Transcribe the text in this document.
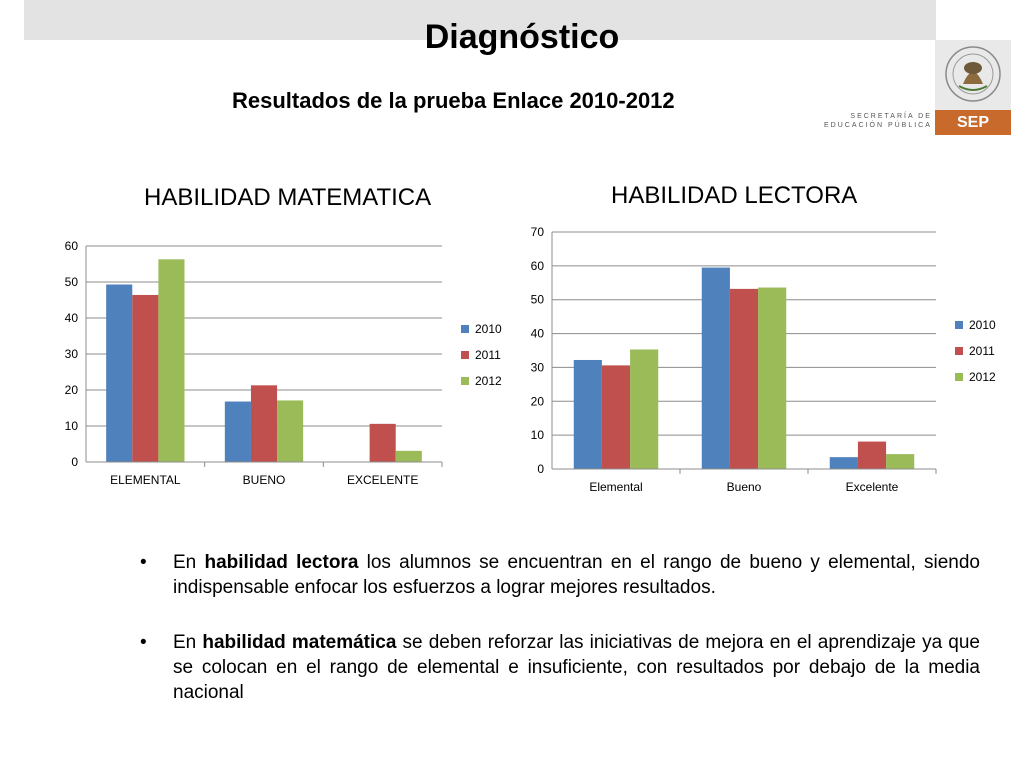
Diagnóstico
Resultados de la prueba Enlace 2010-2012
SEP
SECRETARÍA DE
EDUCACIÓN PÚBLICA
HABILIDAD MATEMATICA	HABILIDAD LECTORA
0
10
20
30
40
50
60
ELEMENTAL	BUENO	EXCELENTE
2010
2011
2012
0
10
20
30
40
50
60
70
Elemental	Bueno	Excelente
2010
2011
2012
• En habilidad lectora los alumnos se encuentran en el rango de bueno y elemental, siendo indispensable enfocar los esfuerzos a lograr mejores resultados.
• En habilidad matemática se deben reforzar las iniciativas de mejora en el aprendizaje ya que se colocan en el rango de elemental e insuficiente, con resultados por debajo de la media nacional
